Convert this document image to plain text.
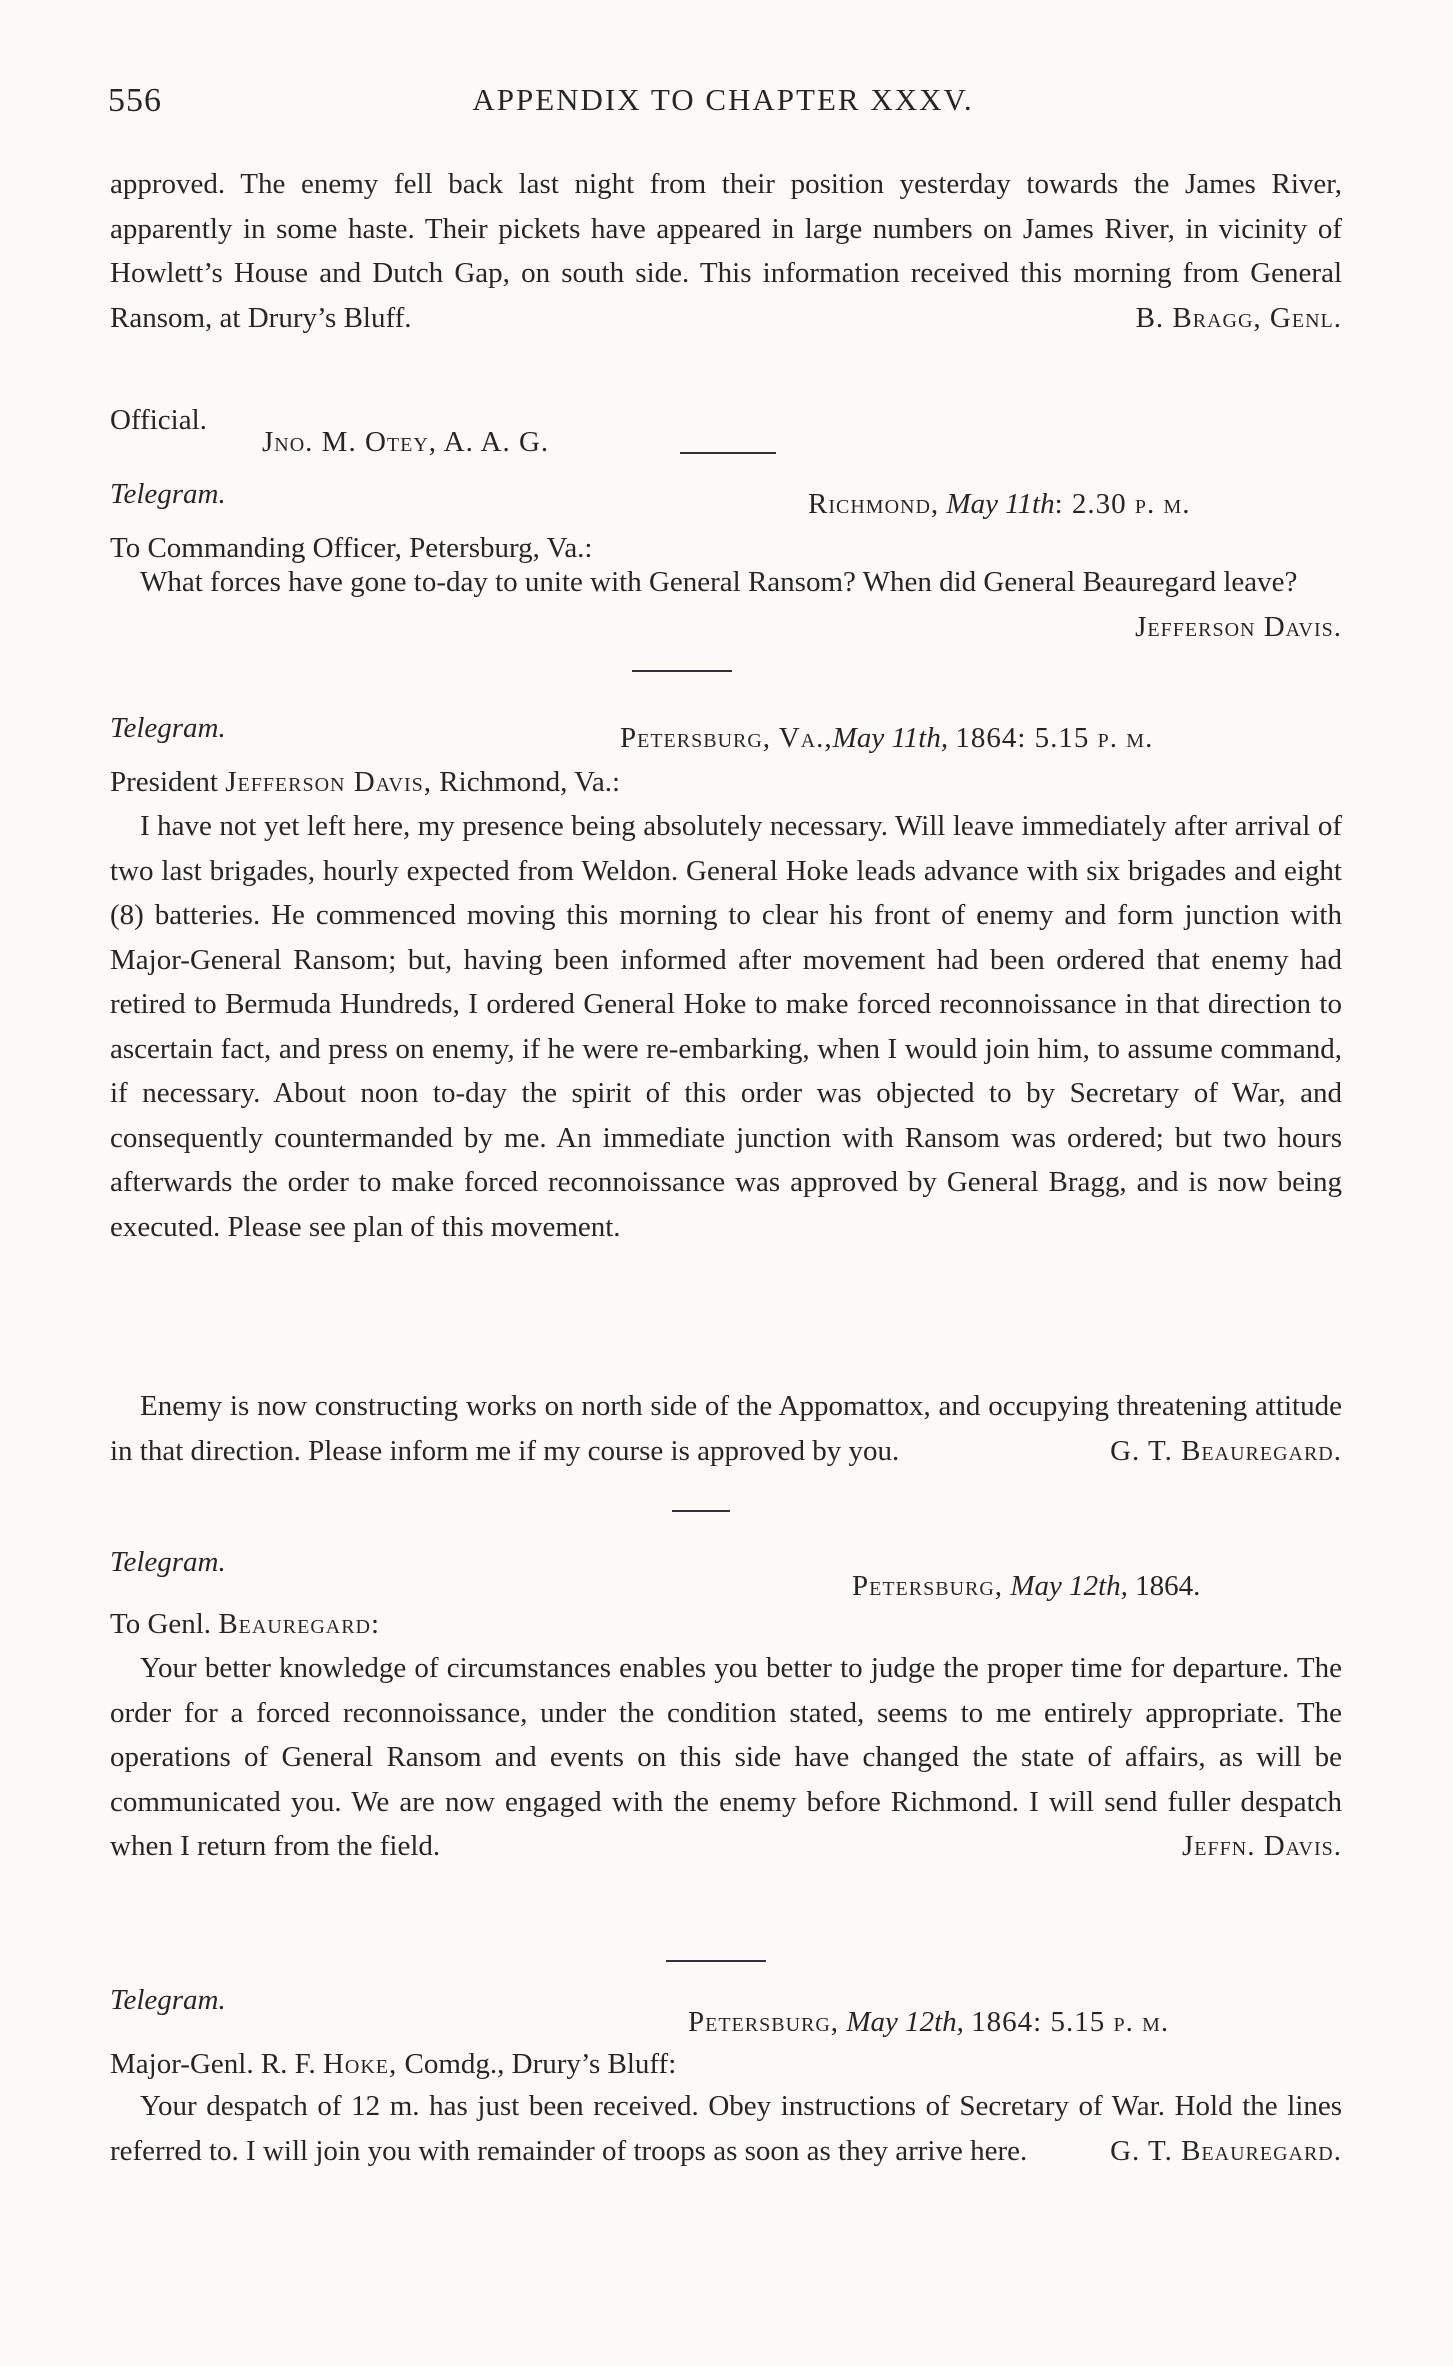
556	APPENDIX TO CHAPTER XXXV.
approved. The enemy fell back last night from their position yesterday towards the James River, apparently in some haste. Their pickets have appeared in large numbers on James River, in vicinity of Howlett’s House and Dutch Gap, on south side. This information received this morning from General Ransom, at Drury’s Bluff.	B. Bragg, Genl.
Official.
Jno. M. Otey, A. A. G.
Telegram.	Richmond, May 11th: 2.30 p. m.
To Commanding Officer, Petersburg, Va.:
What forces have gone to-day to unite with General Ransom? When did General Beauregard leave?
Jefferson Davis.
Telegram.	Petersburg, Va.,May 11th, 1864: 5.15 p. m.
President Jefferson Davis, Richmond, Va.:
I have not yet left here, my presence being absolutely necessary. Will leave immediately after arrival of two last brigades, hourly expected from Weldon. General Hoke leads advance with six brigades and eight (8) batteries. He commenced moving this morning to clear his front of enemy and form junction with Major-General Ransom; but, having been informed after movement had been ordered that enemy had retired to Bermuda Hundreds, I ordered General Hoke to make forced reconnoissance in that direction to ascertain fact, and press on enemy, if he were re-embarking, when I would join him, to assume command, if necessary. About noon to-day the spirit of this order was objected to by Secretary of War, and consequently countermanded by me. An immediate junction with Ransom was ordered; but two hours afterwards the order to make forced reconnoissance was approved by General Bragg, and is now being executed. Please see plan of this movement.
Enemy is now constructing works on north side of the Appomattox, and occupying threatening attitude in that direction. Please inform me if my course is approved by you.	G. T. Beauregard.
Telegram.
Petersburg, May 12th, 1864.
To Genl. Beauregard:
Your better knowledge of circumstances enables you better to judge the proper time for departure. The order for a forced reconnoissance, under the condition stated, seems to me entirely appropriate. The operations of General Ransom and events on this side have changed the state of affairs, as will be communicated you. We are now engaged with the enemy before Richmond. I will send fuller despatch when I return from the field.	Jeffn. Davis.
Telegram.
Petersburg, May 12th, 1864: 5.15 p. m.
Major-Genl. R. F. Hoke, Comdg., Drury’s Bluff:
Your despatch of 12 m. has just been received. Obey instructions of Secretary of War. Hold the lines referred to. I will join you with remainder of troops as soon as they arrive here.	G. T. Beauregard.
